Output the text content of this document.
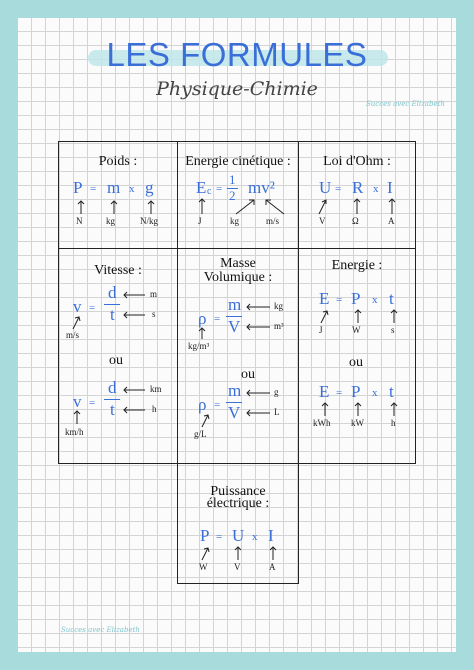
LES FORMULES
Physique-Chimie
Succes avec Elizabeth
Poids :
P = m x g
N	kg	N/kg
Energie cinétique :
E c =
1
2 mv²
J	kg	m/s
Loi d'Ohm :
U = R x I
V	Ω	A
Vitesse :
v =
d
t
m
s
m/s
ou
v =
d
t
km
h
km/h
Masse
Volumique :
ρ =
m
V
kg
m³
kg/m³
ou
ρ =
m
V
g
L
g/L
Energie :
E = P x t
J	W	s
ou
E = P x t
kWh kW	h
Puissance
électrique :
P = U x I
W	V	A
Succes avec Elizabeth
